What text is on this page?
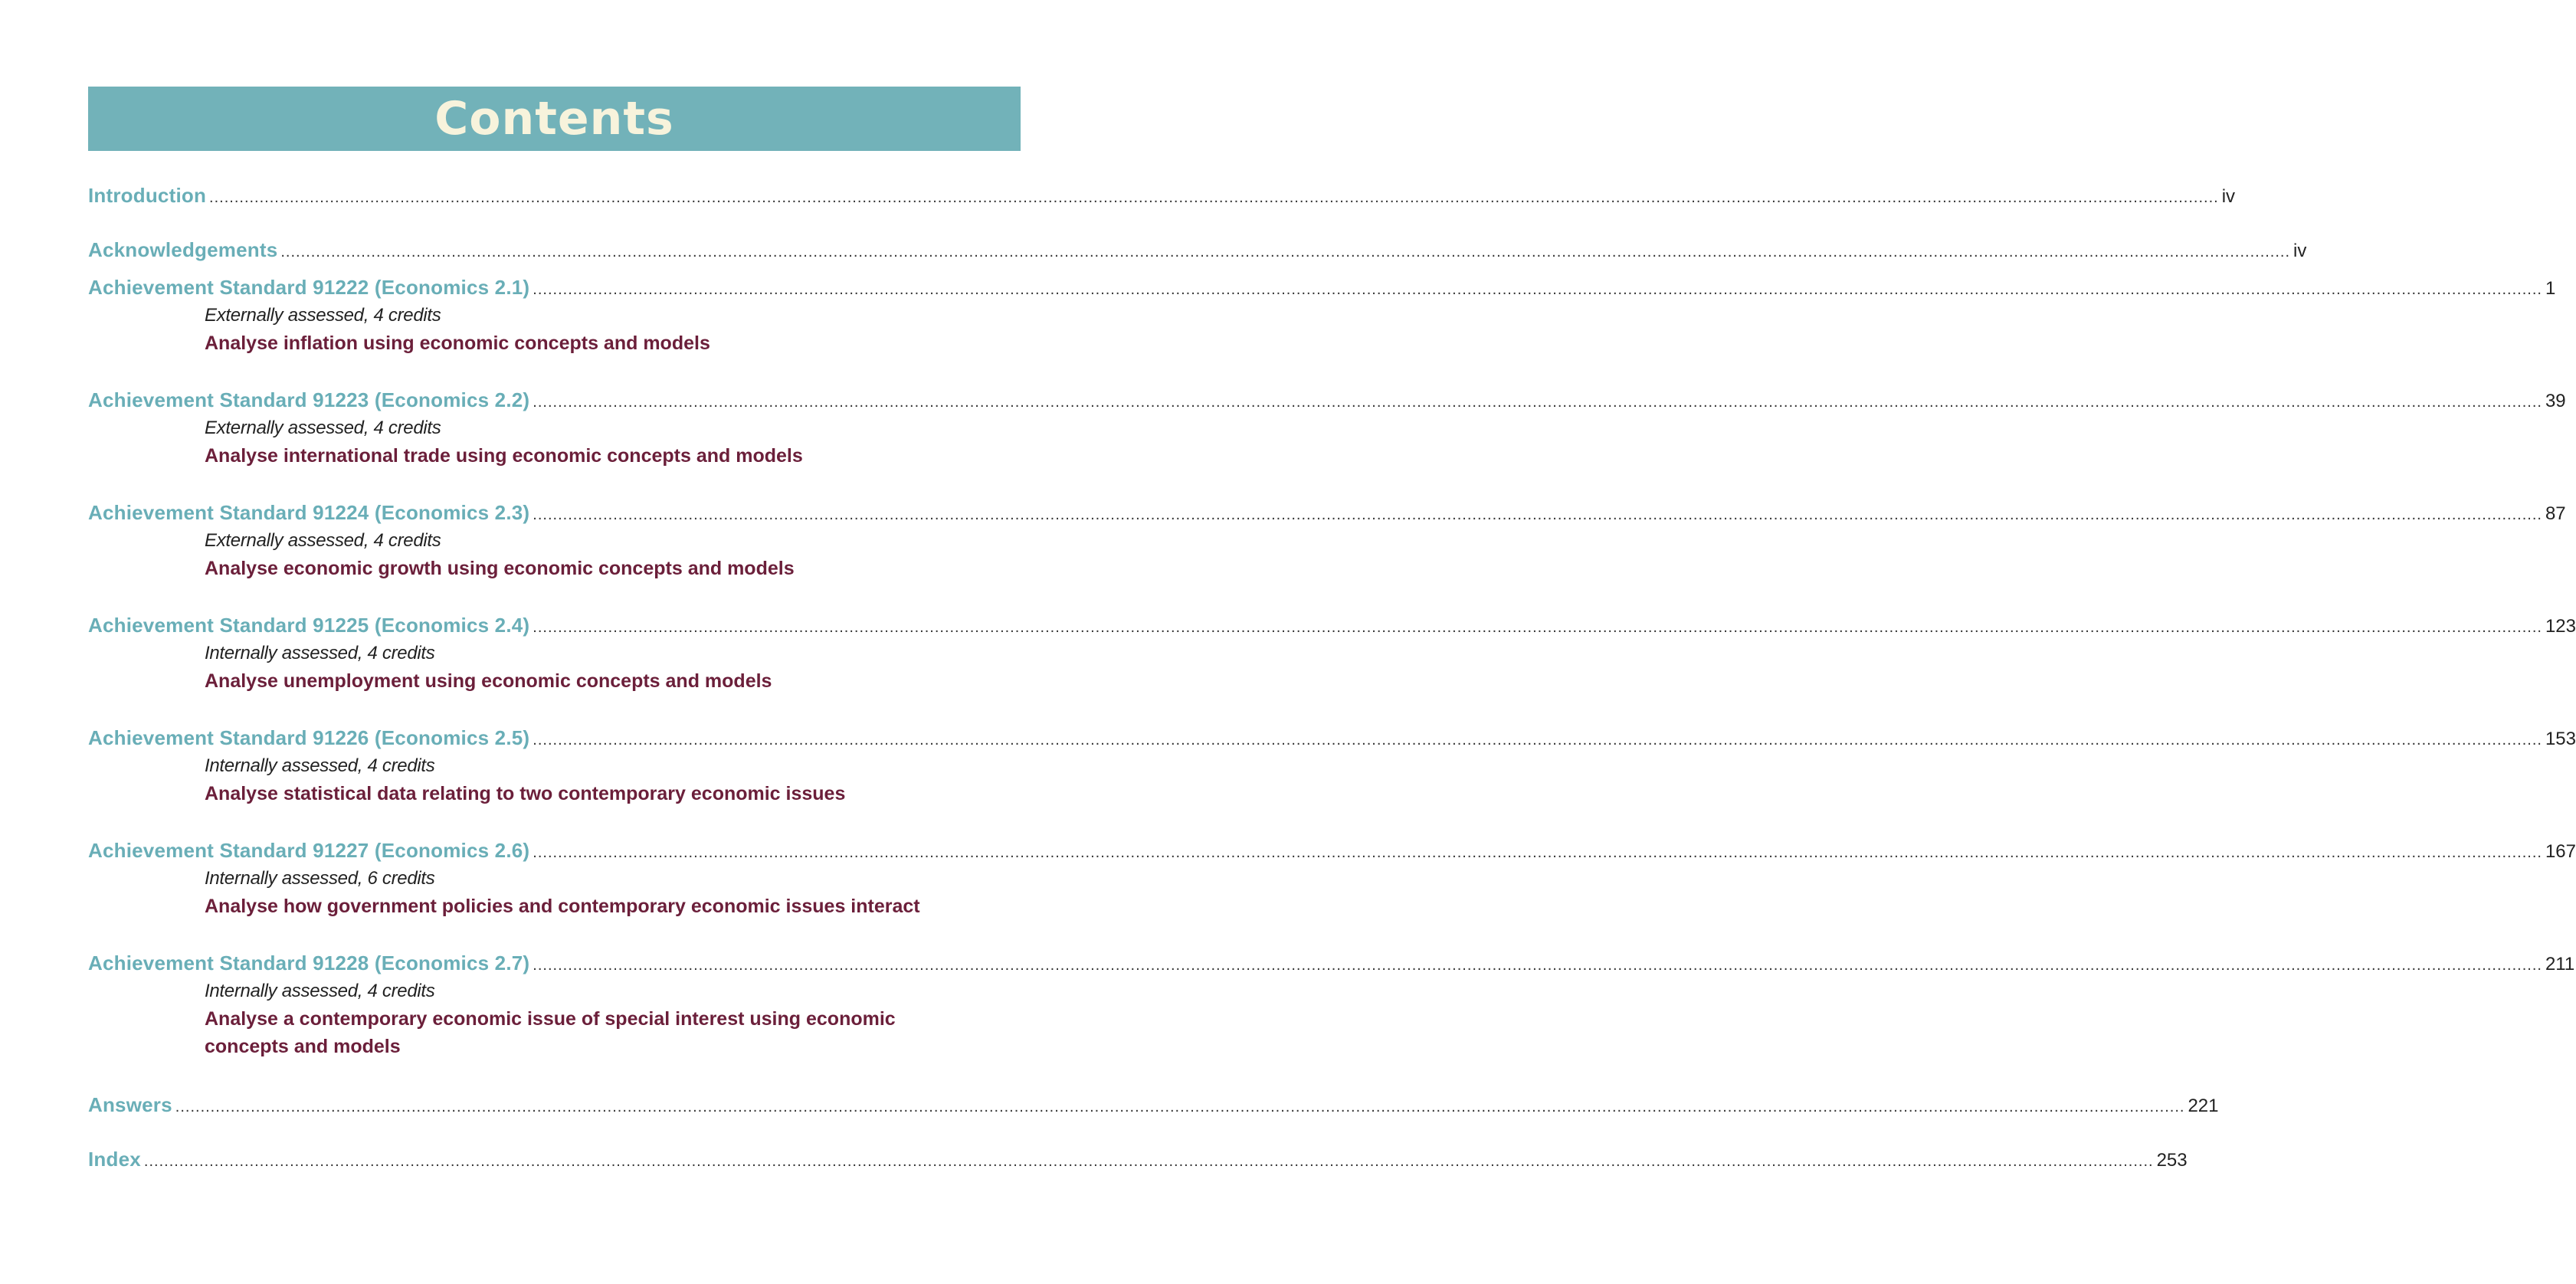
Contents
Introduction ................................................................................................................................................................................................................................................................................................................................................................................................................ iv
Acknowledgements ................................................................................................................................................................................................................................................................................................................................................................................................................ iv
Achievement Standard 91222 (Economics 2.1) ................................................................................................................................................................................................................................................................................................................................................................................................................ 1
Externally assessed, 4 credits
Analyse inflation using economic concepts and models
Achievement Standard 91223 (Economics 2.2) ................................................................................................................................................................................................................................................................................................................................................................................................................ 39
Externally assessed, 4 credits
Analyse international trade using economic concepts and models
Achievement Standard 91224 (Economics 2.3) ................................................................................................................................................................................................................................................................................................................................................................................................................ 87
Externally assessed, 4 credits
Analyse economic growth using economic concepts and models
Achievement Standard 91225 (Economics 2.4) ................................................................................................................................................................................................................................................................................................................................................................................................................ 123
Internally assessed, 4 credits
Analyse unemployment using economic concepts and models
Achievement Standard 91226 (Economics 2.5) ................................................................................................................................................................................................................................................................................................................................................................................................................ 153
Internally assessed, 4 credits
Analyse statistical data relating to two contemporary economic issues
Achievement Standard 91227 (Economics 2.6) ................................................................................................................................................................................................................................................................................................................................................................................................................ 167
Internally assessed, 6 credits
Analyse how government policies and contemporary economic issues interact
Achievement Standard 91228 (Economics 2.7) ................................................................................................................................................................................................................................................................................................................................................................................................................ 211
Internally assessed, 4 credits
Analyse a contemporary economic issue of special interest using economic concepts and models
Answers ................................................................................................................................................................................................................................................................................................................................................................................................................ 221
Index ................................................................................................................................................................................................................................................................................................................................................................................................................ 253
